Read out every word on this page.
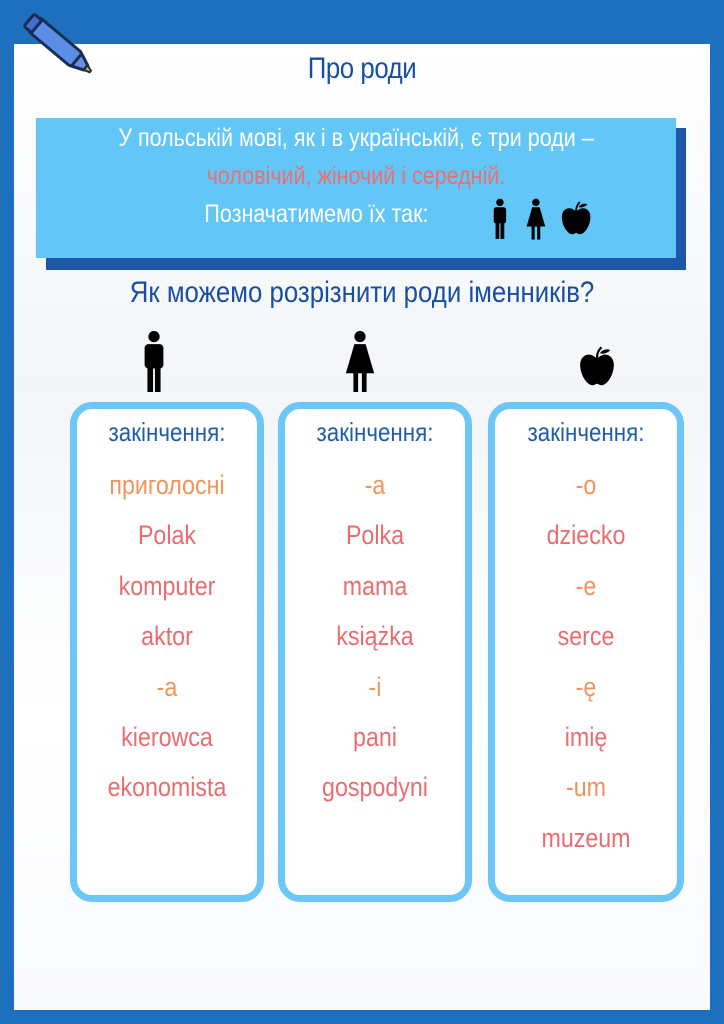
Про роди
У польській мові, як і в українській, є три роди –
чоловічий, жіночий і середній.
Позначатимемо їх так:
Як можемо розрізнити роди іменників?
закінчення:
приголосні
Polak
komputer
aktor
-a
kierowca
ekonomista
закінчення:
-a
Polka
mama
książka
-i
pani
gospodyni
закінчення:
-o
dziecko
-e
serce
-ę
imię
-um
muzeum
